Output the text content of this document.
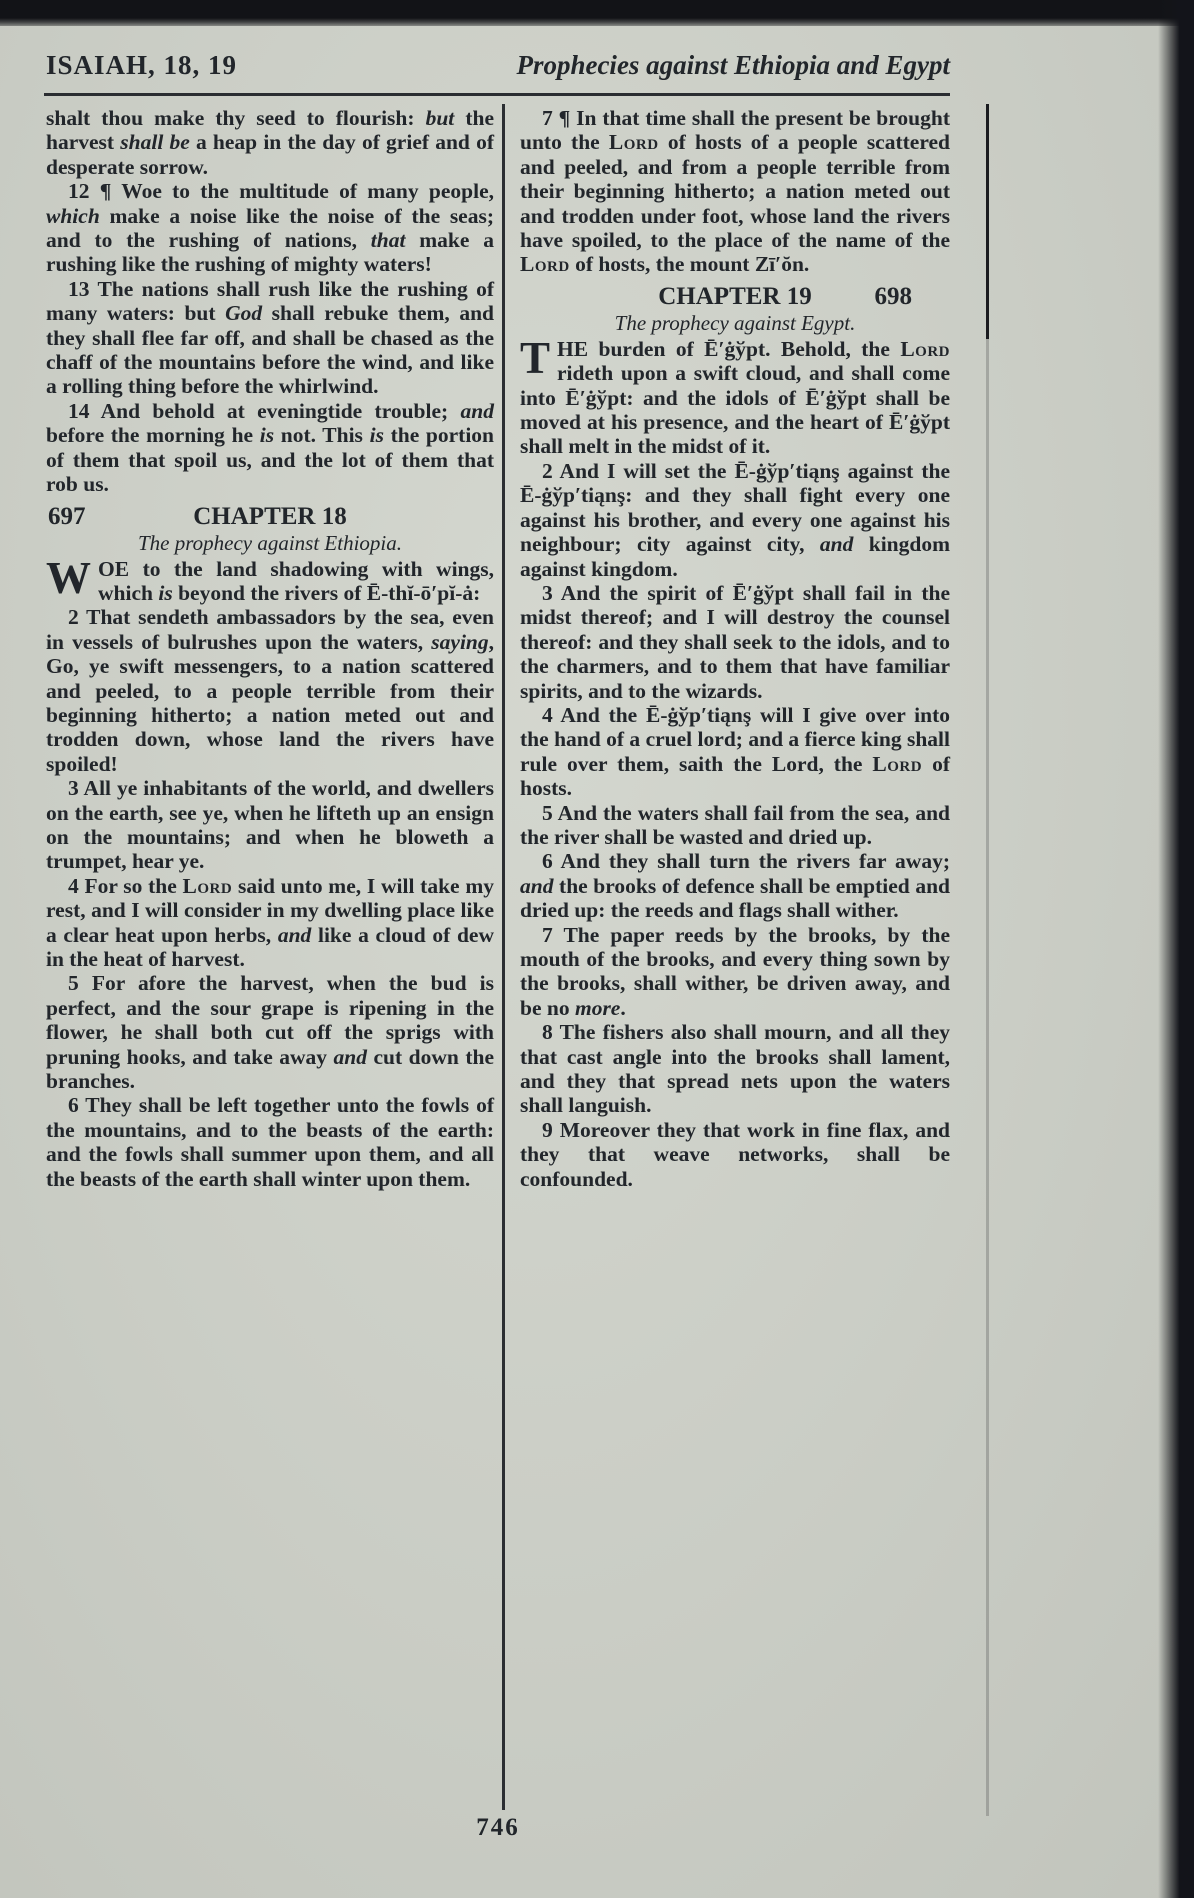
ISAIAH, 18, 19	Prophecies against Ethiopia and Egypt

shalt thou make thy seed to flourish: but the harvest shall be a heap in the day of grief and of desperate sorrow.

12 ¶ Woe to the multitude of many people, which make a noise like the noise of the seas; and to the rushing of nations, that make a rushing like the rushing of mighty waters!

13 The nations shall rush like the rushing of many waters: but God shall rebuke them, and they shall flee far off, and shall be chased as the chaff of the mountains before the wind, and like a rolling thing before the whirlwind.

14 And behold at eveningtide trouble; and before the morning he is not. This is the portion of them that spoil us, and the lot of them that rob us.

697	CHAPTER 18
The prophecy against Ethiopia.

WOE to the land shadowing with wings, which is beyond the rivers of Ē-thĭ-ō′pĭ-ȧ:

2 That sendeth ambassadors by the sea, even in vessels of bulrushes upon the waters, saying, Go, ye swift messengers, to a nation scattered and peeled, to a people terrible from their beginning hitherto; a nation meted out and trodden down, whose land the rivers have spoiled!

3 All ye inhabitants of the world, and dwellers on the earth, see ye, when he lifteth up an ensign on the mountains; and when he bloweth a trumpet, hear ye.

4 For so the Lord said unto me, I will take my rest, and I will consider in my dwelling place like a clear heat upon herbs, and like a cloud of dew in the heat of harvest.

5 For afore the harvest, when the bud is perfect, and the sour grape is ripening in the flower, he shall both cut off the sprigs with pruning hooks, and take away and cut down the branches.

6 They shall be left together unto the fowls of the mountains, and to the beasts of the earth: and the fowls shall summer upon them, and all the beasts of the earth shall winter upon them.

7 ¶ In that time shall the present be brought unto the Lord of hosts of a people scattered and peeled, and from a people terrible from their beginning hitherto; a nation meted out and trodden under foot, whose land the rivers have spoiled, to the place of the name of the Lord of hosts, the mount Zī′ŏn.

CHAPTER 19	698
The prophecy against Egypt.

THE burden of Ē′ġўpt. Behold, the Lord rideth upon a swift cloud, and shall come into Ē′ġўpt: and the idols of Ē′ġўpt shall be moved at his presence, and the heart of Ē′ġўpt shall melt in the midst of it.

2 And I will set the Ē-ġўp′tiąnş against the Ē-ġўp′tiąnş: and they shall fight every one against his brother, and every one against his neighbour; city against city, and kingdom against kingdom.

3 And the spirit of Ē′ġўpt shall fail in the midst thereof; and I will destroy the counsel thereof: and they shall seek to the idols, and to the charmers, and to them that have familiar spirits, and to the wizards.

4 And the Ē-ġўp′tiąnş will I give over into the hand of a cruel lord; and a fierce king shall rule over them, saith the Lord, the Lord of hosts.

5 And the waters shall fail from the sea, and the river shall be wasted and dried up.

6 And they shall turn the rivers far away; and the brooks of defence shall be emptied and dried up: the reeds and flags shall wither.

7 The paper reeds by the brooks, by the mouth of the brooks, and every thing sown by the brooks, shall wither, be driven away, and be no more.

8 The fishers also shall mourn, and all they that cast angle into the brooks shall lament, and they that spread nets upon the waters shall languish.

9 Moreover they that work in fine flax, and they that weave networks, shall be confounded.

746
